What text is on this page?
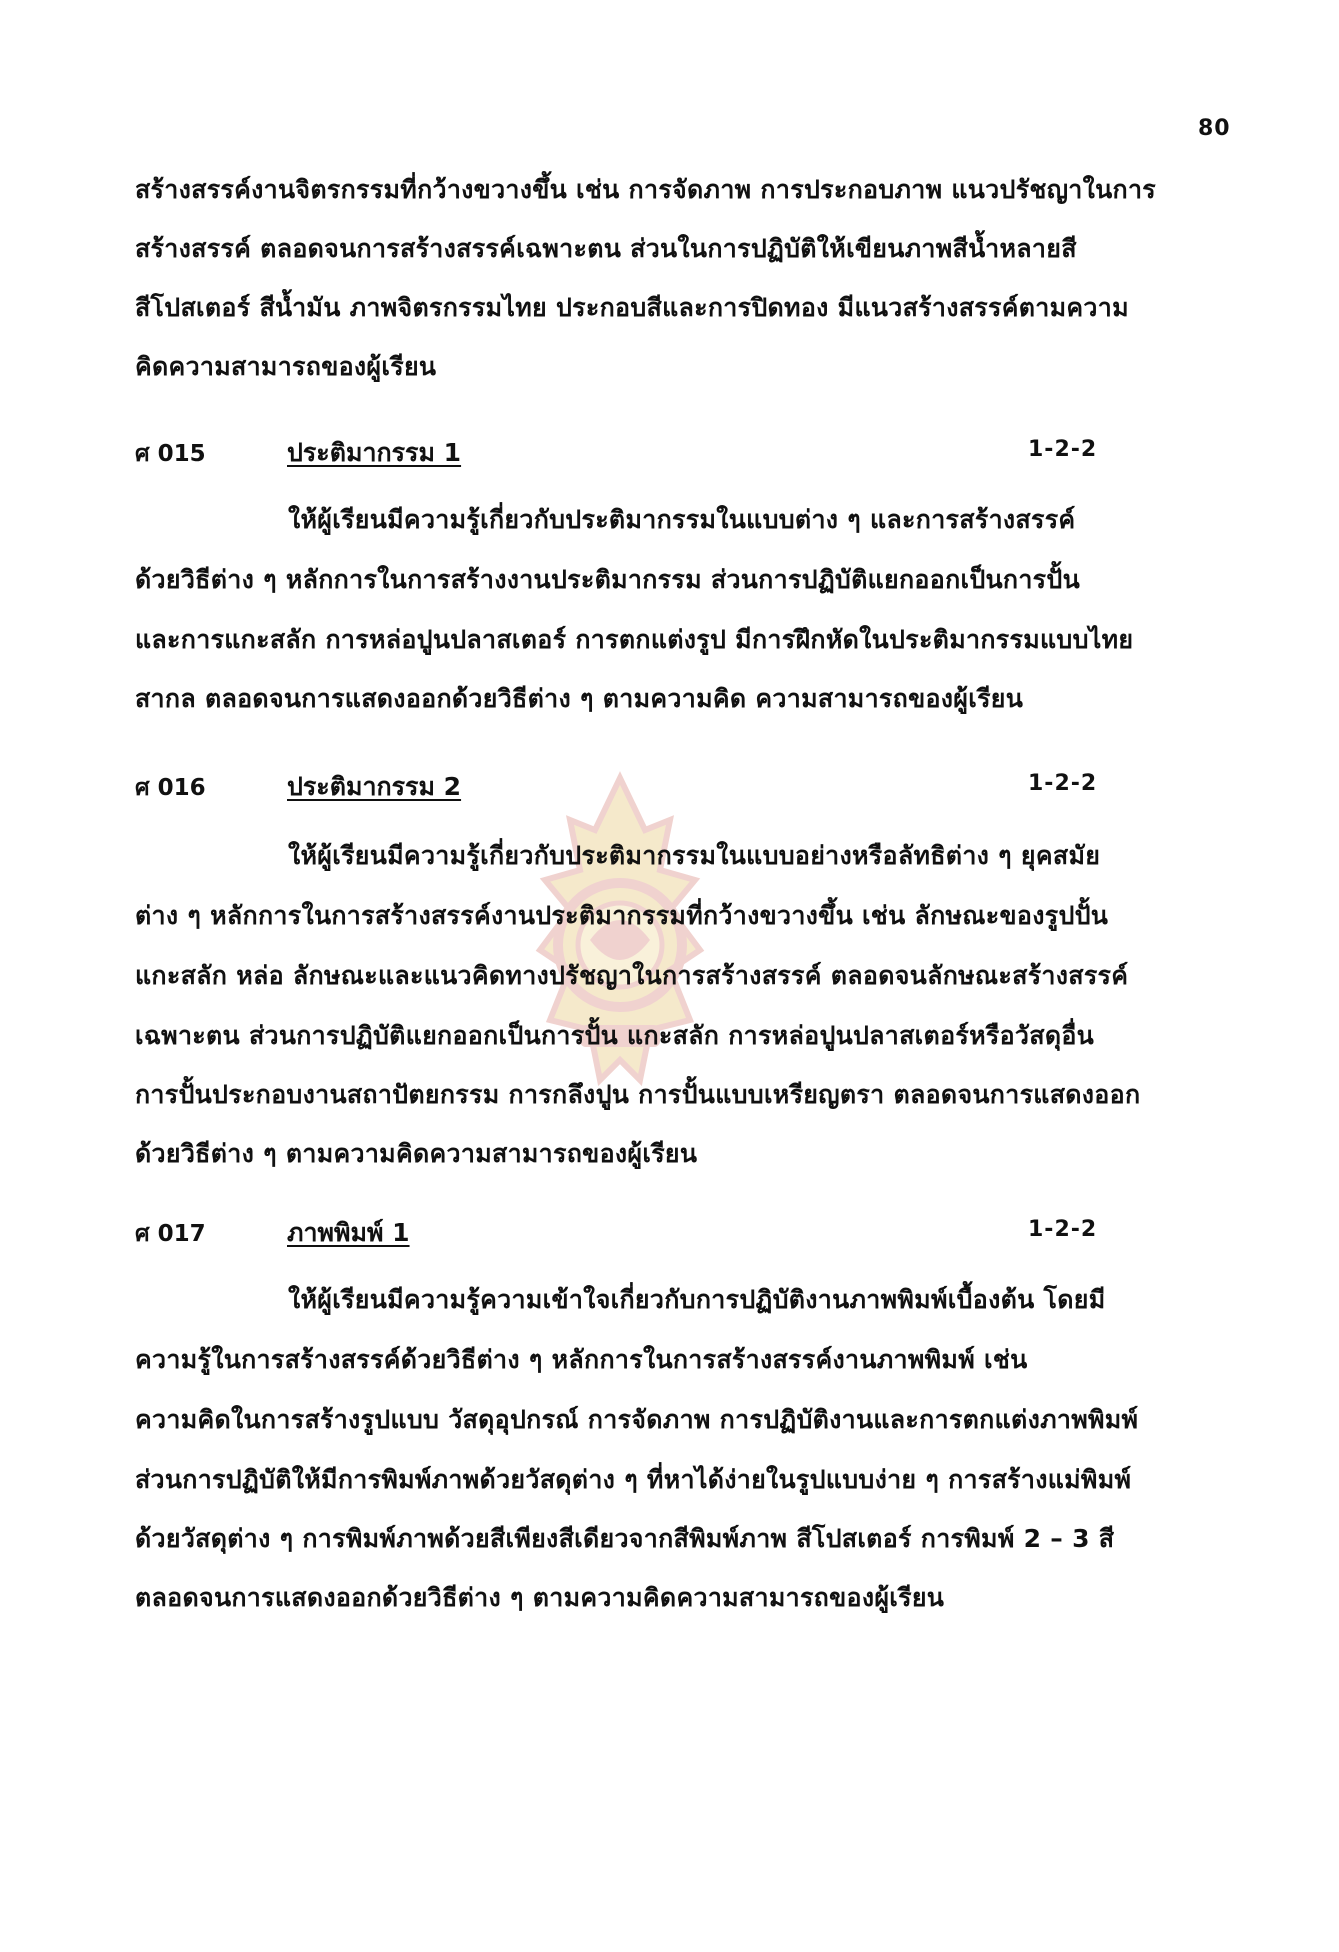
80
สร้างสรรค์งานจิตรกรรมที่กว้างขวางขึ้น เช่น การจัดภาพ การประกอบภาพ แนวปรัชญาในการ
สร้างสรรค์ ตลอดจนการสร้างสรรค์เฉพาะตน ส่วนในการปฏิบัติให้เขียนภาพสีน้ำหลายสี
สีโปสเตอร์ สีน้ำมัน ภาพจิตรกรรมไทย ประกอบสีและการปิดทอง มีแนวสร้างสรรค์ตามความ
คิดความสามารถของผู้เรียน
ศ 015	ประติมากรรม 1	1-2-2
ให้ผู้เรียนมีความรู้เกี่ยวกับประติมากรรมในแบบต่าง ๆ และการสร้างสรรค์
ด้วยวิธีต่าง ๆ หลักการในการสร้างงานประติมากรรม ส่วนการปฏิบัติแยกออกเป็นการปั้น
และการแกะสลัก การหล่อปูนปลาสเตอร์ การตกแต่งรูป มีการฝึกหัดในประติมากรรมแบบไทย
สากล ตลอดจนการแสดงออกด้วยวิธีต่าง ๆ ตามความคิด ความสามารถของผู้เรียน
ศ 016	ประติมากรรม 2	1-2-2
ให้ผู้เรียนมีความรู้เกี่ยวกับประติมากรรมในแบบอย่างหรือลัทธิต่าง ๆ ยุคสมัย
ต่าง ๆ หลักการในการสร้างสรรค์งานประติมากรรมที่กว้างขวางขึ้น เช่น ลักษณะของรูปปั้น
แกะสลัก หล่อ ลักษณะและแนวคิดทางปรัชญาในการสร้างสรรค์ ตลอดจนลักษณะสร้างสรรค์
เฉพาะตน ส่วนการปฏิบัติแยกออกเป็นการปั้น แกะสลัก การหล่อปูนปลาสเตอร์หรือวัสดุอื่น
การปั้นประกอบงานสถาปัตยกรรม การกลึงปูน การปั้นแบบเหรียญตรา ตลอดจนการแสดงออก
ด้วยวิธีต่าง ๆ ตามความคิดความสามารถของผู้เรียน
ศ 017	ภาพพิมพ์ 1	1-2-2
ให้ผู้เรียนมีความรู้ความเข้าใจเกี่ยวกับการปฏิบัติงานภาพพิมพ์เบื้องต้น โดยมี
ความรู้ในการสร้างสรรค์ด้วยวิธีต่าง ๆ หลักการในการสร้างสรรค์งานภาพพิมพ์ เช่น
ความคิดในการสร้างรูปแบบ วัสดุอุปกรณ์ การจัดภาพ การปฏิบัติงานและการตกแต่งภาพพิมพ์
ส่วนการปฏิบัติให้มีการพิมพ์ภาพด้วยวัสดุต่าง ๆ ที่หาได้ง่ายในรูปแบบง่าย ๆ การสร้างแม่พิมพ์
ด้วยวัสดุต่าง ๆ การพิมพ์ภาพด้วยสีเพียงสีเดียวจากสีพิมพ์ภาพ สีโปสเตอร์ การพิมพ์ 2 – 3 สี
ตลอดจนการแสดงออกด้วยวิธีต่าง ๆ ตามความคิดความสามารถของผู้เรียน
